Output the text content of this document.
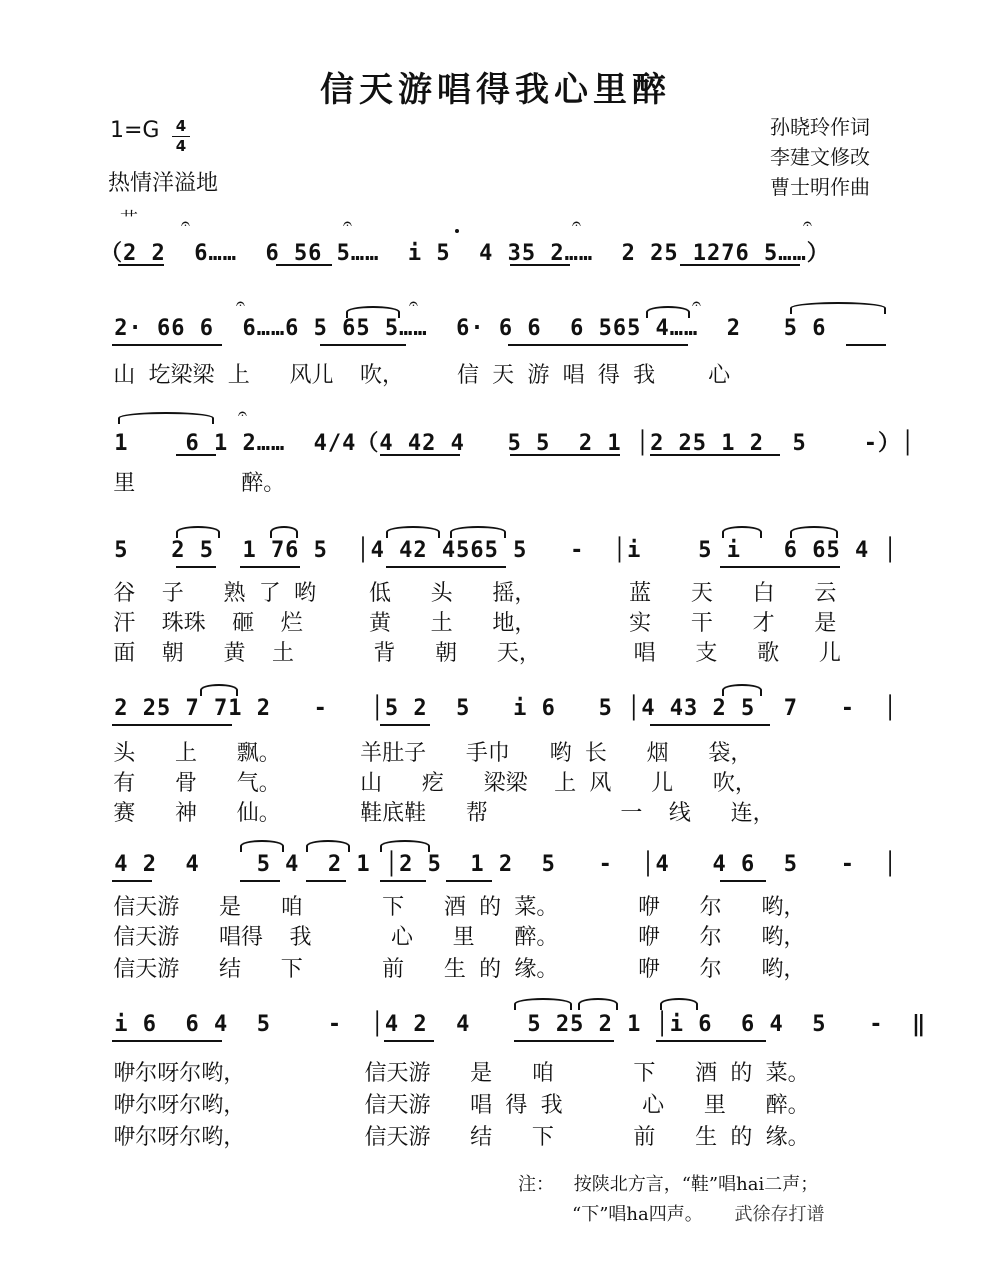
信天游唱得我心里醉
1=G 4
4
热情洋溢地
孙晓玲作词
李建文修改
曹士明作曲
艹
（2 2  6……  6 56 5……  i 5  4 35 2……  2 25 1276 5……）
𝄐	𝄐	𝄐	𝄐
2· 66 6  6……6 5 65 5……  6· 6 6  6 565 4……  2   5 6
𝄐	𝄐	𝄐
山 圪梁梁 上   风儿  吹，    信 天 游 唱 得 我    心
1    6 1 2……  4/4（4 42 4   5 5  2 1 │2 25 1 2  5    -）│
𝄐
里        醉。
5   2 5  1 76 5  │4 42 4565 5   -  │i    5 i   6 65 4 │
谷  子   熟 了 哟    低   头   摇，       蓝   天   白   云
汗  珠珠  砸  烂     黄   土   地，       实   干   才   是
面  朝   黄  土      背   朝   天，       唱   支   歌   儿
2 25 7 71 2   -   │5 2  5   i 6   5 │4 43 2 5  7   -  │
头   上   飘。      羊肚子   手巾   哟 长   烟   袋，
有   骨   气。      山   疙   梁梁  上 风   儿   吹，
赛   神   仙。      鞋底鞋   帮          一  线   连，
4 2  4    5 4  2 1 │2 5  1 2  5   -  │4   4 6  5   -  │
信天游   是   咱      下   酒 的 菜。      咿   尔   哟，
信天游   唱得  我      心   里   醉。      咿   尔   哟，
信天游   结   下      前   生 的 缘。      咿   尔   哟，
i 6  6 4  5    -  │4 2  4    5 25 2 1 │i 6  6 4  5   -  ‖
咿尔呀尔哟，         信天游   是   咱      下   酒 的 菜。
咿尔呀尔哟，         信天游   唱 得 我      心   里   醉。
咿尔呀尔哟，         信天游   结   下      前   生 的 缘。
注： 按陕北方言，“鞋”唱hai二声；
“下”唱ha四声。 武徐存打谱
